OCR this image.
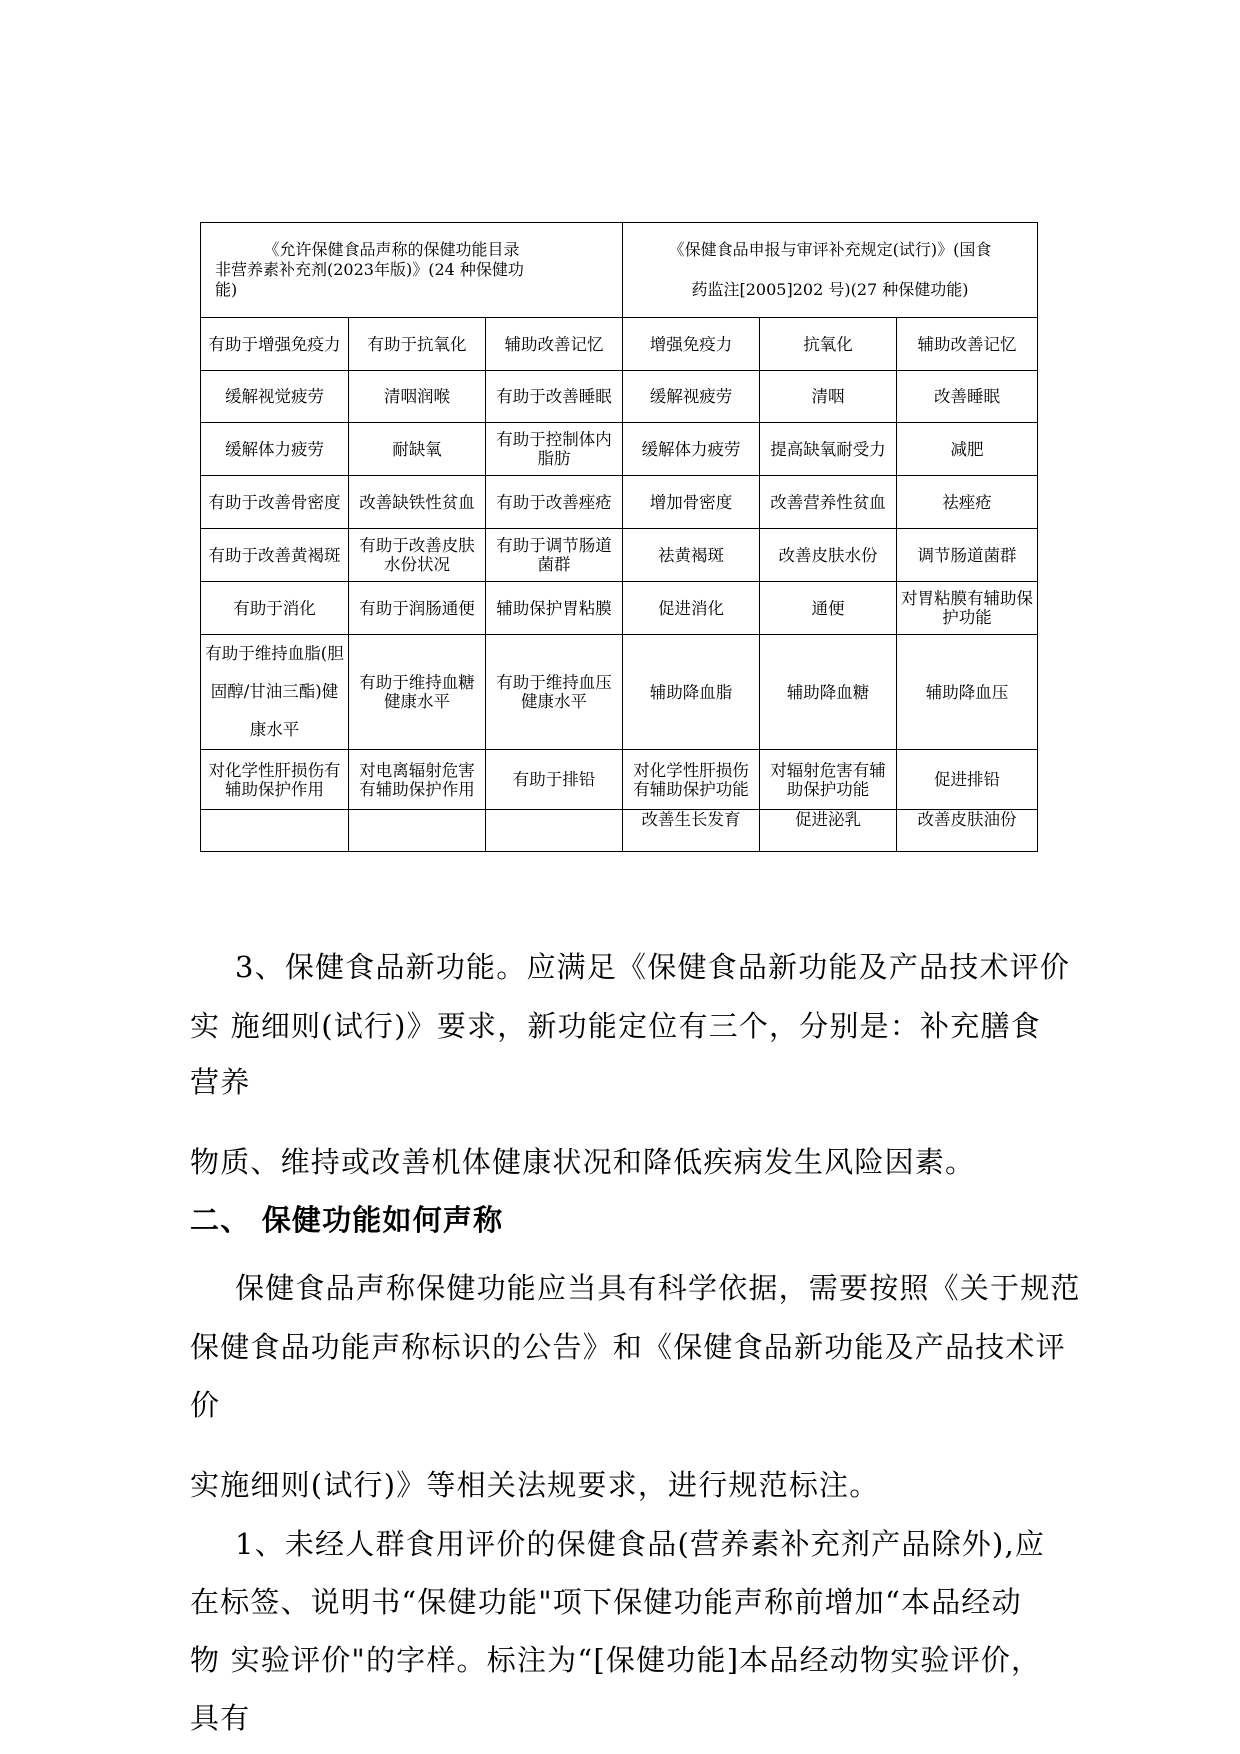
《允许保健食品声称的保健功能目录
非营养素补充剂(2023年版)》(24 种保健功
能)			《保健食品申报与审评补充规定(试行)》(国食
药监注[2005]202 号)(27 种保健功能)		

有助于增强免疫力	有助于抗氧化	辅助改善记忆	增强免疫力	抗氧化	辅助改善记忆
缓解视觉疲劳	清咽润喉	有助于改善睡眠	缓解视疲劳	清咽	改善睡眠
缓解体力疲劳	耐缺氧	有助于控制体内脂肪	缓解体力疲劳	提高缺氧耐受力	减肥
有助于改善骨密度	改善缺铁性贫血	有助于改善痤疮	增加骨密度	改善营养性贫血	祛痤疮
有助于改善黄褐斑	有助于改善皮肤水份状况	有助于调节肠道菌群	祛黄褐斑	改善皮肤水份	调节肠道菌群
有助于消化	有助于润肠通便	辅助保护胃粘膜	促进消化	通便	对胃粘膜有辅助保护功能
有助于维持血脂(胆固醇/甘油三酯)健康水平	有助于维持血糖健康水平	有助于维持血压健康水平	辅助降血脂	辅助降血糖	辅助降血压
对化学性肝损伤有辅助保护作用	对电离辐射危害有辅助保护作用	有助于排铅	对化学性肝损伤有辅助保护功能	对辐射危害有辅助保护功能	促进排铅
			改善生长发育	促进泌乳	改善皮肤油份

3、保健食品新功能。应满足《保健食品新功能及产品技术评价

实 施细则(试行)》要求，新功能定位有三个，分别是：补充膳食

营养

物质、维持或改善机体健康状况和降低疾病发生风险因素。

二、 保健功能如何声称

保健食品声称保健功能应当具有科学依据，需要按照《关于规范

保健食品功能声称标识的公告》和《保健食品新功能及产品技术评

价

实施细则(试行)》等相关法规要求，进行规范标注。

1、未经人群食用评价的保健食品(营养素补充剂产品除外),应

在标签、说明书“保健功能"项下保健功能声称前增加“本品经动

物 实验评价"的字样。标注为“[保健功能]本品经动物实验评价，

具有
